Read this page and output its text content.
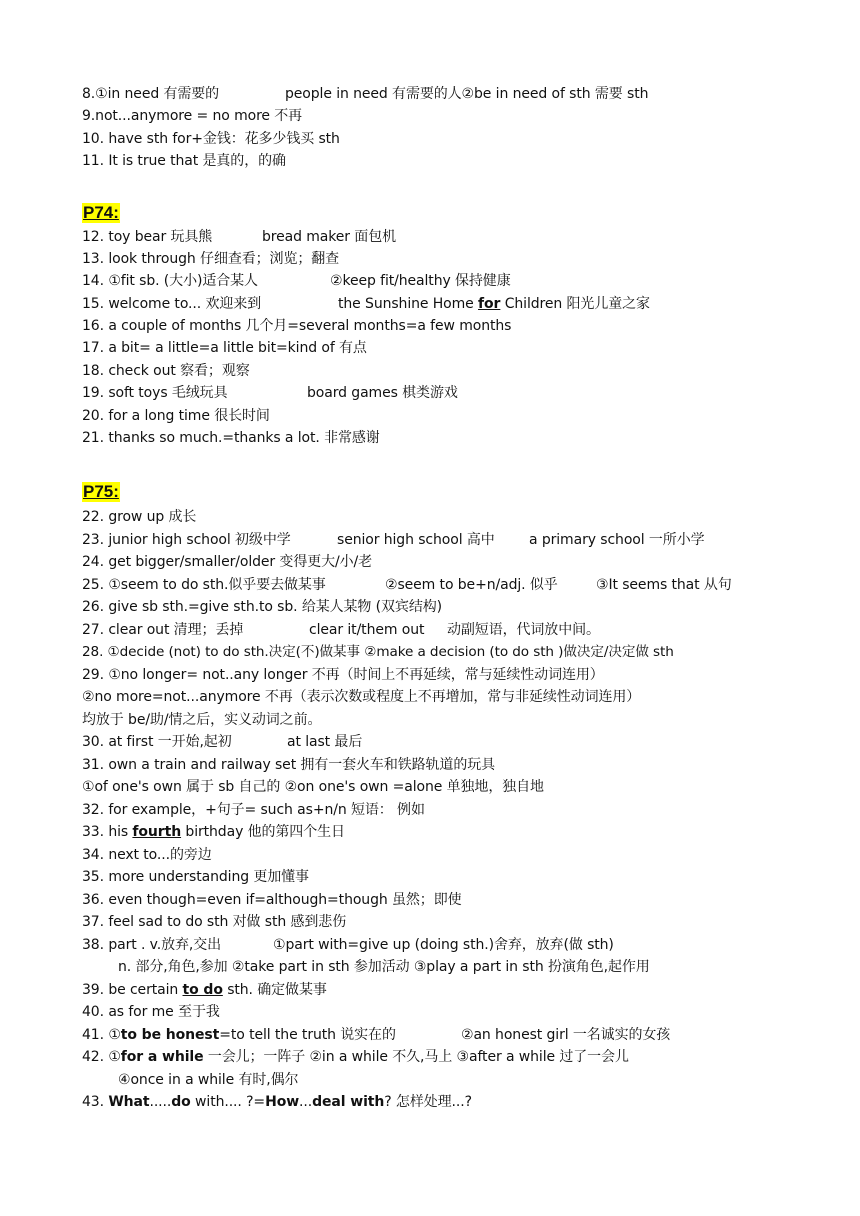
8.①in need 有需要的	people in need 有需要的人②be in need of sth 需要 sth
9.not...anymore = no more 不再
10. have sth for+金钱：花多少钱买 sth
11. It is true that 是真的，的确
P74:
12. toy bear 玩具熊	bread maker 面包机
13. look through 仔细查看；浏览；翻查
14. ①fit sb. (大小)适合某人	②keep fit/healthy 保持健康
15. welcome to... 欢迎来到	the Sunshine Home for Children 阳光儿童之家
16. a couple of months 几个月=several months=a few months
17. a bit= a little=a little bit=kind of 有点
18. check out 察看；观察
19. soft toys 毛绒玩具	board games 棋类游戏
20. for a long time 很长时间
21. thanks so much.=thanks a lot. 非常感谢
P75:
22. grow up 成长
23. junior high school 初级中学	senior high school 高中 a primary school 一所小学
24. get bigger/smaller/older 变得更大/小/老
25. ①seem to do sth.似乎要去做某事	②seem to be+n/adj. 似乎	③It seems that 从句
26. give sb sth.=give sth.to sb. 给某人某物 (双宾结构)
27. clear out 清理；丢掉	clear it/them out 动副短语，代词放中间。
28. ①decide (not) to do sth.决定(不)做某事 ②make a decision (to do sth )做决定/决定做 sth
29. ①no longer= not..any longer 不再（时间上不再延续，常与延续性动词连用）
②no more=not...anymore 不再（表示次数或程度上不再增加，常与非延续性动词连用）
均放于 be/助/情之后，实义动词之前。
30. at first 一开始,起初	at last 最后
31. own a train and railway set 拥有一套火车和铁路轨道的玩具
①of one's own 属于 sb 自己的 ②on one's own =alone 单独地，独自地
32. for example，+句子= such as+n/n 短语： 例如
33. his fourth birthday 他的第四个生日
34. next to...的旁边
35. more understanding 更加懂事
36. even though=even if=although=though 虽然；即使
37. feel sad to do sth 对做 sth 感到悲伤
38. part . v.放弃,交出	①part with=give up (doing sth.)舍弃，放弃(做 sth)
n. 部分,角色,参加 ②take part in sth 参加活动 ③play a part in sth 扮演角色,起作用
39. be certain to do sth. 确定做某事
40. as for me 至于我
41. ①to be honest=to tell the truth 说实在的	②an honest girl 一名诚实的女孩
42. ①for a while 一会儿；一阵子 ②in a while 不久,马上 ③after a while 过了一会儿
④once in a while 有时,偶尔
43. What.....do with.... ?=How...deal with? 怎样处理...?
